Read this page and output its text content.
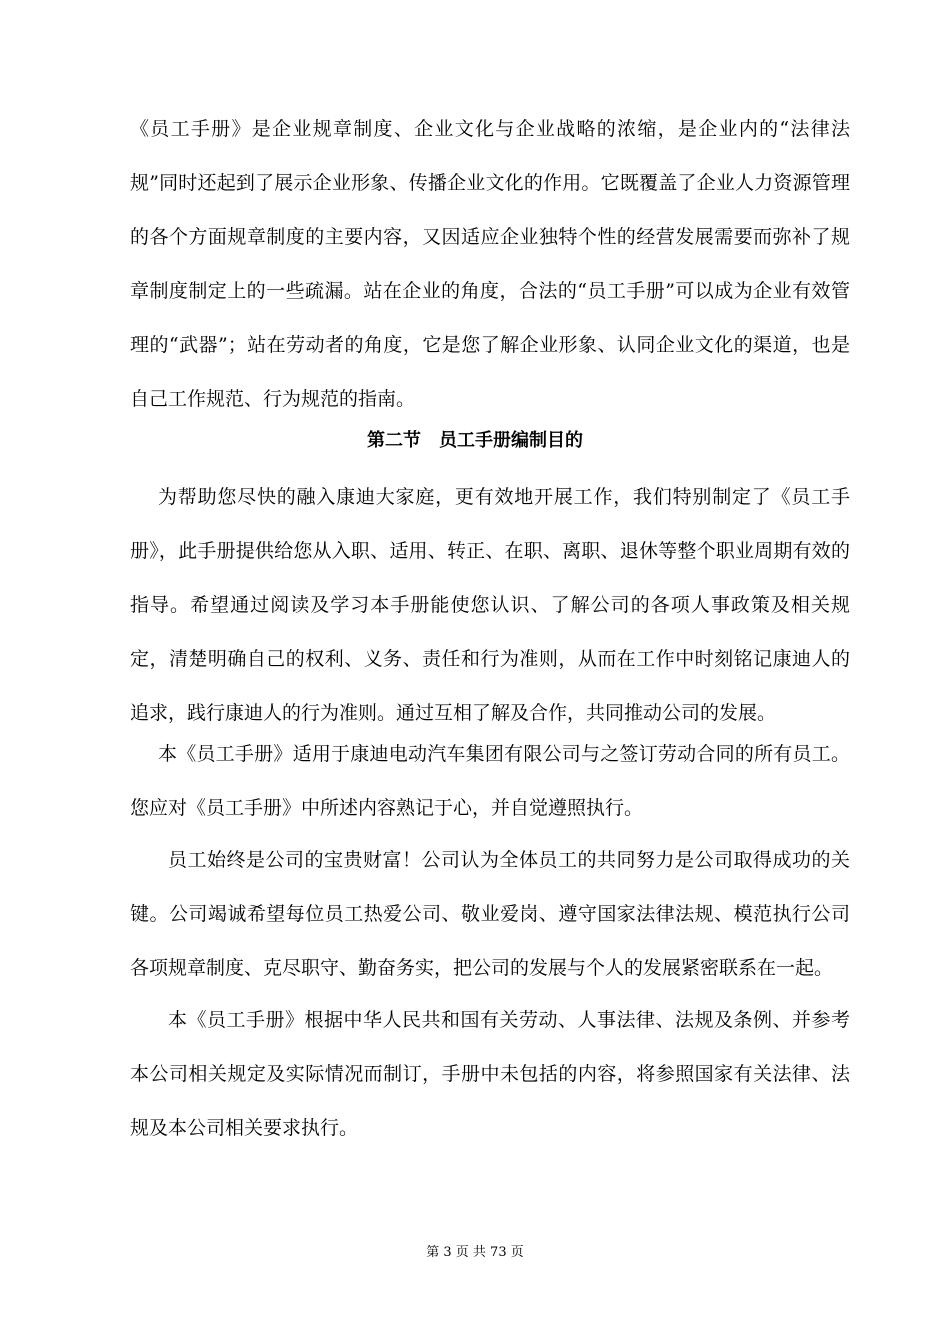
《员工手册》是企业规章制度、企业文化与企业战略的浓缩，是企业内的“法律法规”同时还起到了展示企业形象、传播企业文化的作用。它既覆盖了企业人力资源管理的各个方面规章制度的主要内容，又因适应企业独特个性的经营发展需要而弥补了规章制度制定上的一些疏漏。站在企业的角度，合法的“员工手册”可以成为企业有效管理的“武器”；站在劳动者的角度，它是您了解企业形象、认同企业文化的渠道，也是自己工作规范、行为规范的指南。

第二节　员工手册编制目的

为帮助您尽快的融入康迪大家庭，更有效地开展工作，我们特别制定了《员工手册》，此手册提供给您从入职、适用、转正、在职、离职、退休等整个职业周期有效的指导。希望通过阅读及学习本手册能使您认识、了解公司的各项人事政策及相关规定，清楚明确自己的权利、义务、责任和行为准则，从而在工作中时刻铭记康迪人的追求，践行康迪人的行为准则。通过互相了解及合作，共同推动公司的发展。

本《员工手册》适用于康迪电动汽车集团有限公司与之签订劳动合同的所有员工。您应对《员工手册》中所述内容熟记于心，并自觉遵照执行。

员工始终是公司的宝贵财富！公司认为全体员工的共同努力是公司取得成功的关键。公司竭诚希望每位员工热爱公司、敬业爱岗、遵守国家法律法规、模范执行公司各项规章制度、克尽职守、勤奋务实，把公司的发展与个人的发展紧密联系在一起。

本《员工手册》根据中华人民共和国有关劳动、人事法律、法规及条例、并参考本公司相关规定及实际情况而制订，手册中未包括的内容，将参照国家有关法律、法规及本公司相关要求执行。

第 3 页 共 73 页
